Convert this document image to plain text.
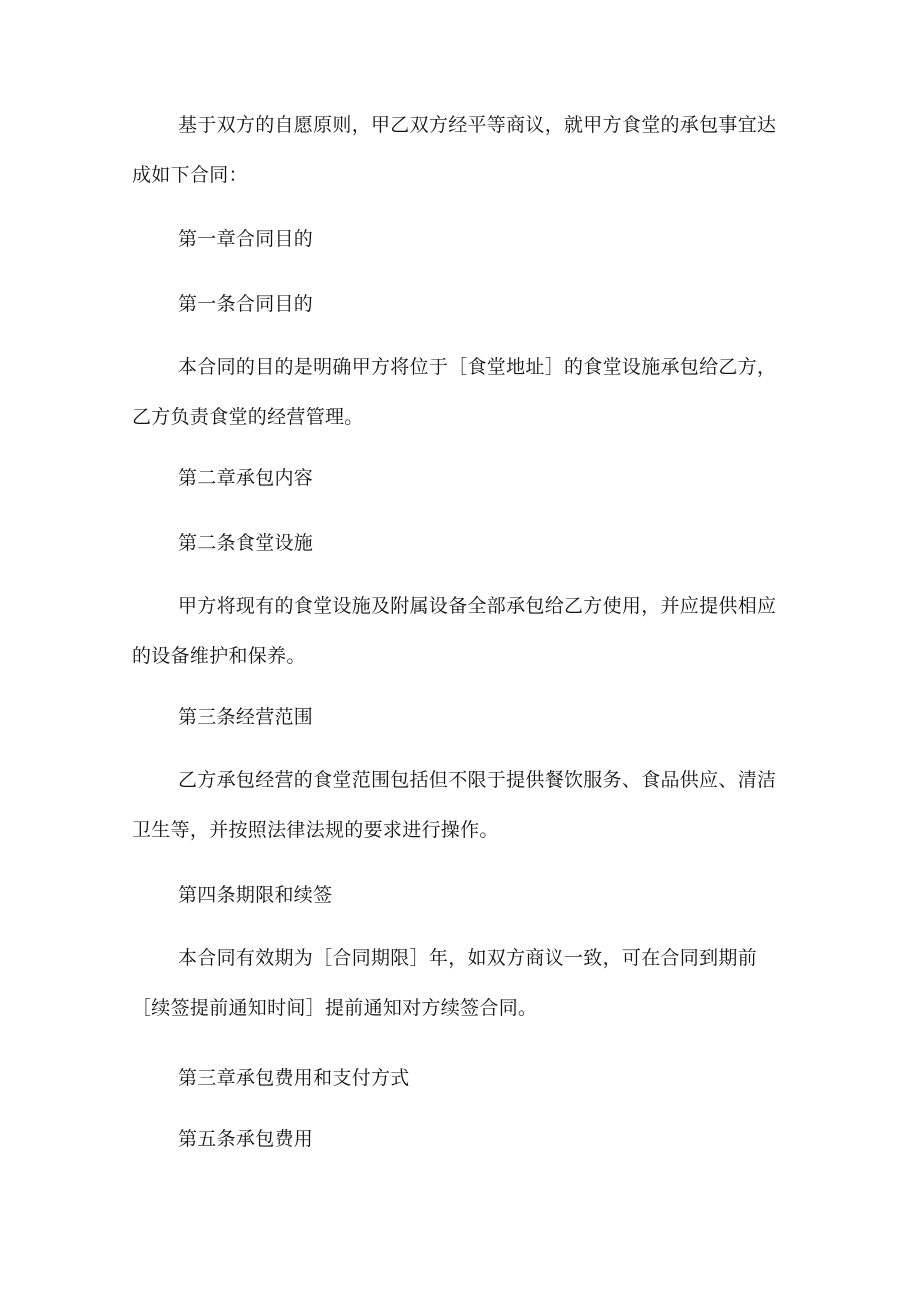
基于双方的自愿原则，甲乙双方经平等商议，就甲方食堂的承包事宜达成如下合同：

第一章合同目的

第一条合同目的

本合同的目的是明确甲方将位于［食堂地址］的食堂设施承包给乙方，乙方负责食堂的经营管理。

第二章承包内容

第二条食堂设施

甲方将现有的食堂设施及附属设备全部承包给乙方使用，并应提供相应的设备维护和保养。

第三条经营范围

乙方承包经营的食堂范围包括但不限于提供餐饮服务、食品供应、清洁卫生等，并按照法律法规的要求进行操作。

第四条期限和续签

本合同有效期为［合同期限］年，如双方商议一致，可在合同到期前［续签提前通知时间］提前通知对方续签合同。

第三章承包费用和支付方式

第五条承包费用
